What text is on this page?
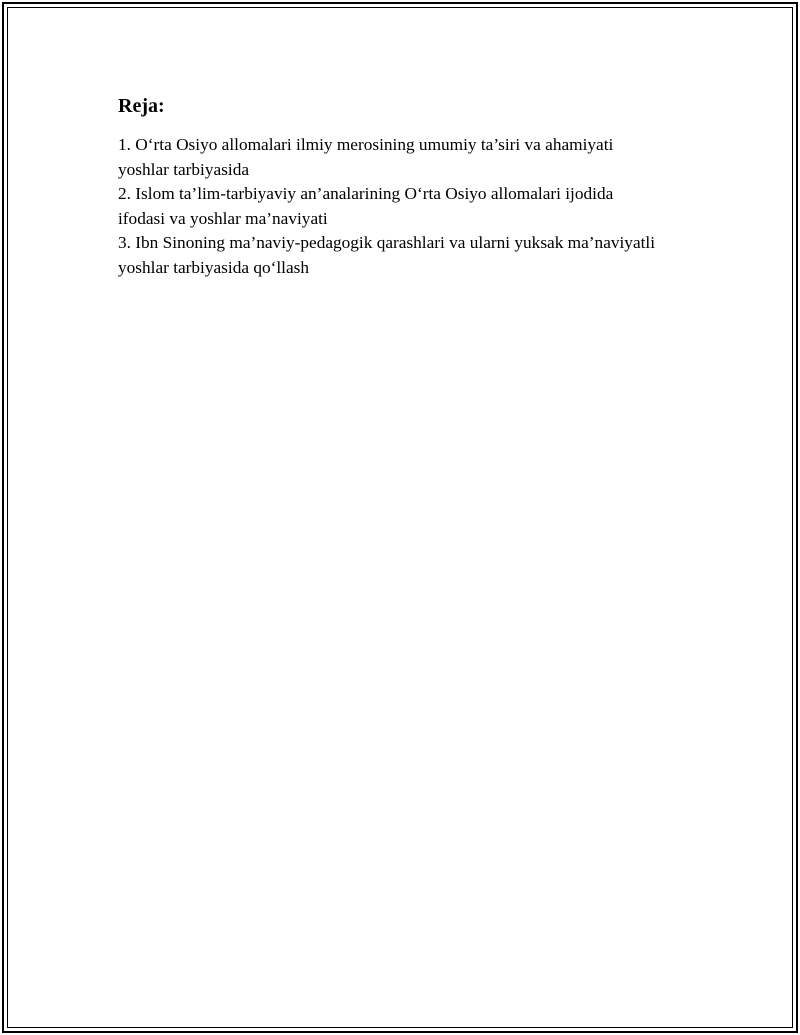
Reja:
1. O‘rta Osiyo allomalari ilmiy merosining umumiy ta’siri va ahamiyati yoshlar tarbiyasida
2. Islom ta’lim-tarbiyaviy an’analarining O‘rta Osiyo allomalari ijodida ifodasi va yoshlar ma’naviyati
3. Ibn Sinoning ma’naviy-pedagogik qarashlari va ularni yuksak ma’naviyatli yoshlar tarbiyasida qo‘llash
